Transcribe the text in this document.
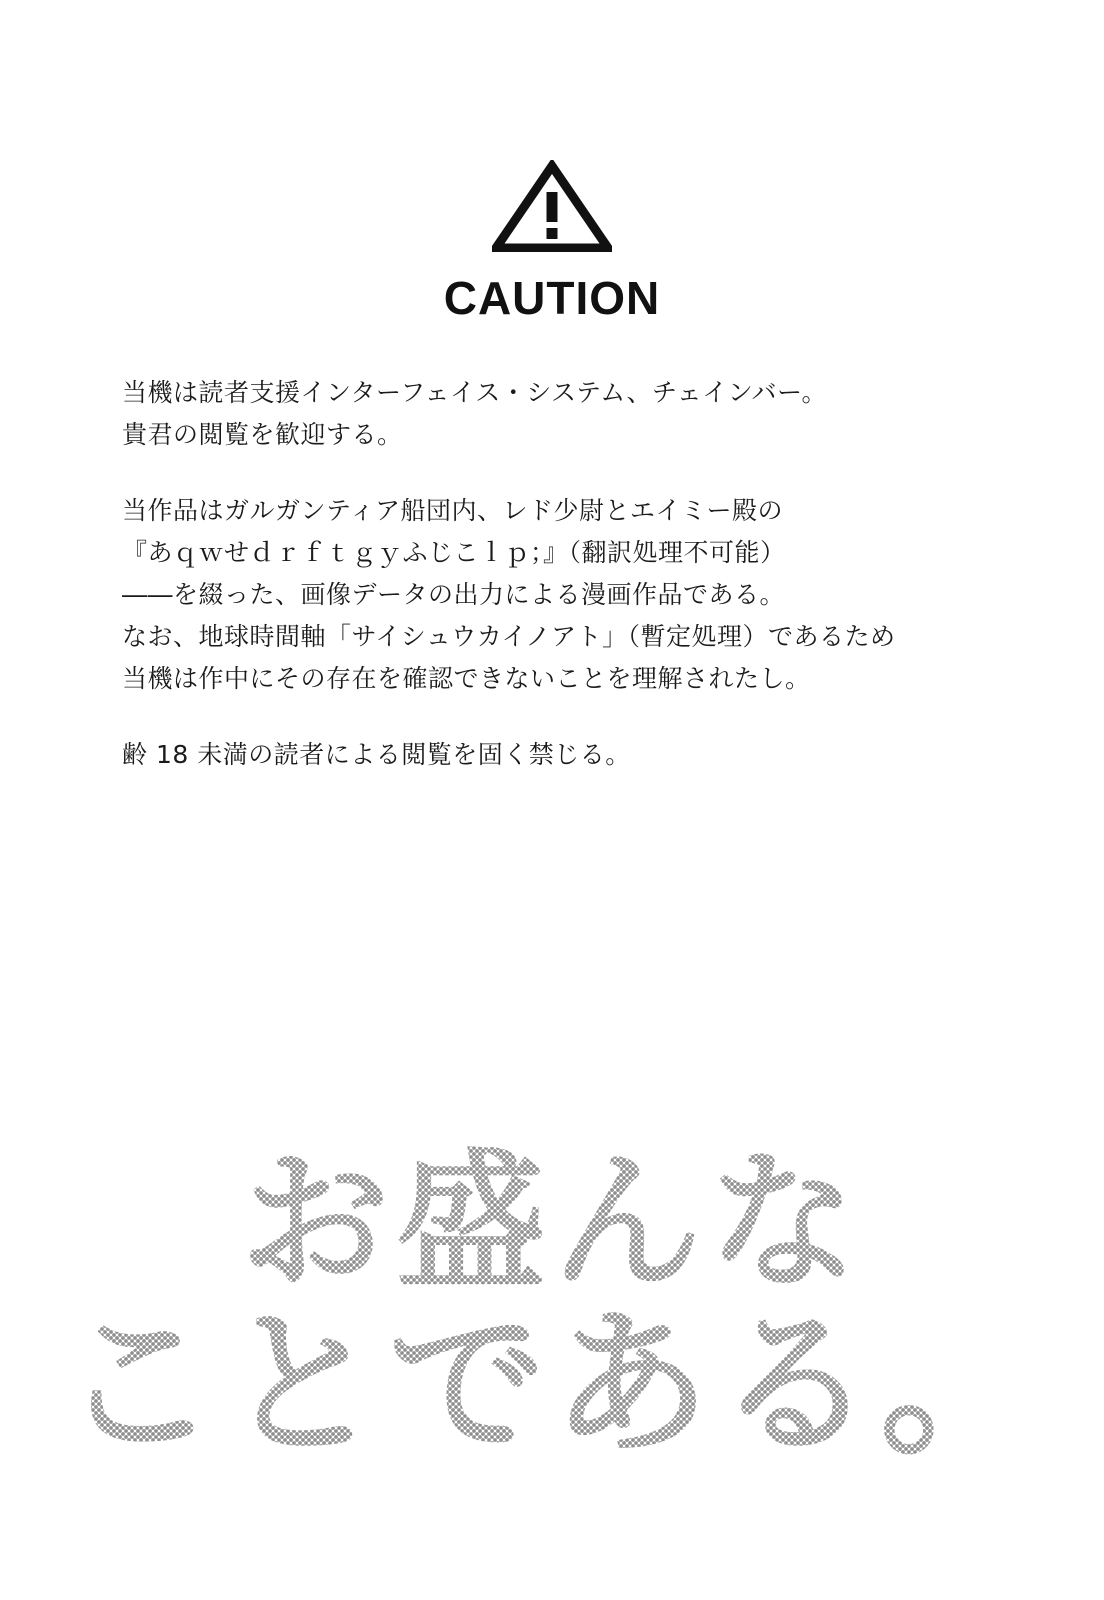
CAUTION
当機は読者支援インターフェイス・システム、チェインバー。
貴君の閲覧を歓迎する。
当作品はガルガンティア船団内、レド少尉とエイミー殿の
『あｑｗせｄｒｆｔｇｙふじこｌｐ；』（翻訳処理不可能）
――を綴った、画像データの出力による漫画作品である。
なお、地球時間軸「サイシュウカイノアト」（暫定処理）であるため
当機は作中にその存在を確認できないことを理解されたし。
齢 18 未満の読者による閲覧を固く禁じる。
お盛んな
ことである。
